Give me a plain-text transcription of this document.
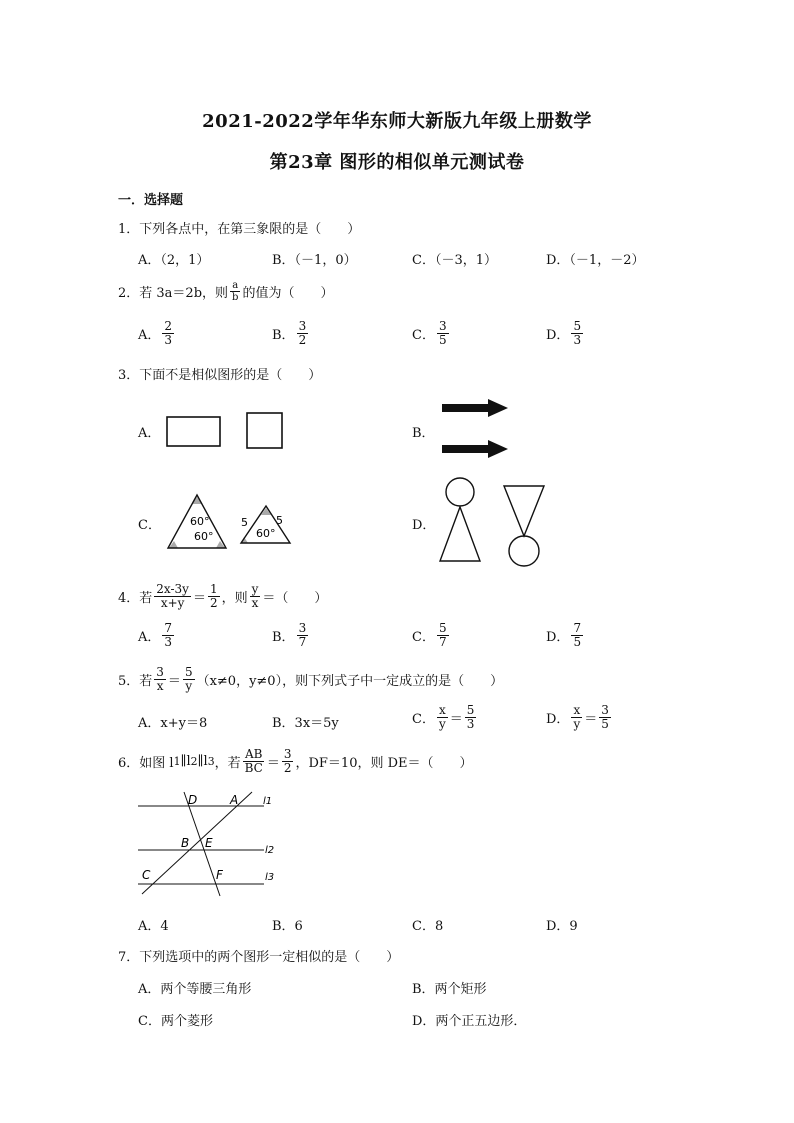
2021-2022学年华东师大新版九年级上册数学
第23章 图形的相似单元测试卷
一．选择题
1．下列各点中，在第三象限的是（　　）
A．（2，1）	B．（－1，0）	C．（－3，1）	D．（－1，－2）
2．若 3a＝2b，则 $\frac{a}{b}$ 的值为（　　）
A． $\frac{2}{3}$	B． $\frac{3}{2}$	C． $\frac{3}{5}$	D． $\frac{5}{3}$
3．下面不是相似图形的是（　　）
A．	B．
C．	60°
60°	60°
5	5	D．
4．若 $\frac{2x-3y}{x+y} = \frac{1}{2}$ ，则 $\frac{y}{x}$ ＝（　　）
A． $\frac{7}{3}$	B． $\frac{3}{7}$	C． $\frac{5}{7}$	D． $\frac{7}{5}$
5．若 $\frac{3}{x} = \frac{5}{y} (x\ne 0$，y≠0），则下列式子中一定成立的是（　　）
A．x+y＝8	B．3x＝5y	C． $\frac{x}{y} = \frac{5}{3}$	D． $\frac{x}{y} = \frac{3}{5}$
6．如图 l 1 ∥l 2 ∥l 3 ，若 $\frac{AB}{BC} = \frac{3}{2}$ ，DF＝10，则 DE＝（　　）
D	A
B E
C	F
l1
l2
l3
A．4	B．6	C．8	D．9
7．下列选项中的两个图形一定相似的是（　　）
A．两个等腰三角形	B．两个矩形
C．两个菱形	D．两个正五边形．
